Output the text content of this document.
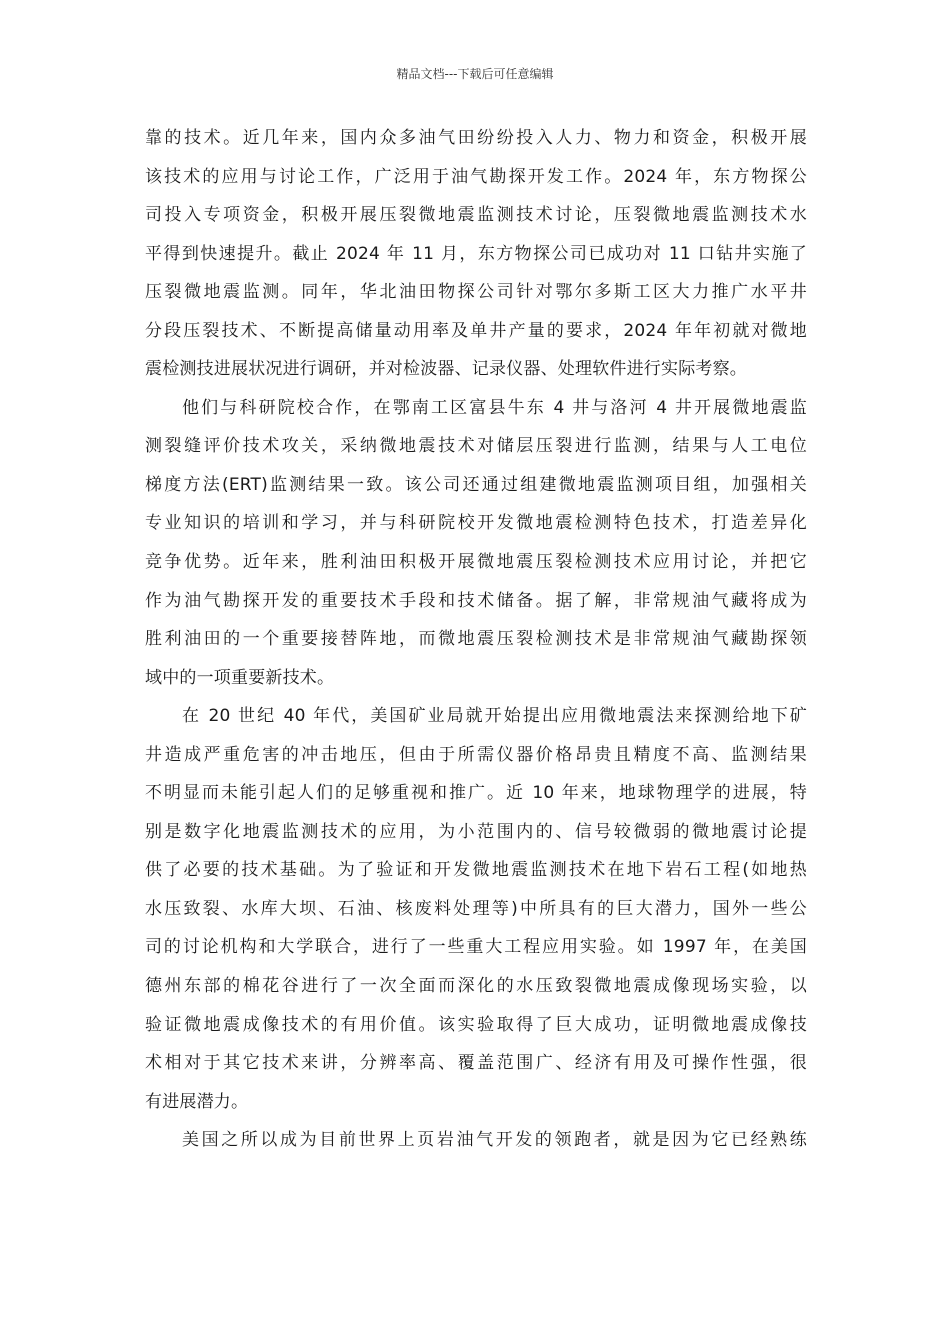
精品文档---下载后可任意编辑
靠的技术。近几年来，国内众多油气田纷纷投入人力、物力和资金，积极开展
该技术的应用与讨论工作，广泛用于油气勘探开发工作。2024 年，东方物探公
司投入专项资金，积极开展压裂微地震监测技术讨论，压裂微地震监测技术水
平得到快速提升。截止 2024 年 11 月，东方物探公司已成功对 11 口钻井实施了
压裂微地震监测。同年，华北油田物探公司针对鄂尔多斯工区大力推广水平井
分段压裂技术、不断提高储量动用率及单井产量的要求，2024 年年初就对微地
震检测技进展状况进行调研，并对检波器、记录仪器、处理软件进行实际考察。
他们与科研院校合作，在鄂南工区富县牛东 4 井与洛河 4 井开展微地震监
测裂缝评价技术攻关，采纳微地震技术对储层压裂进行监测，结果与人工电位
梯度方法(ERT)监测结果一致。该公司还通过组建微地震监测项目组，加强相关
专业知识的培训和学习，并与科研院校开发微地震检测特色技术，打造差异化
竞争优势。近年来，胜利油田积极开展微地震压裂检测技术应用讨论，并把它
作为油气勘探开发的重要技术手段和技术储备。据了解，非常规油气藏将成为
胜利油田的一个重要接替阵地，而微地震压裂检测技术是非常规油气藏勘探领
域中的一项重要新技术。
在 20 世纪 40 年代，美国矿业局就开始提出应用微地震法来探测给地下矿
井造成严重危害的冲击地压，但由于所需仪器价格昂贵且精度不高、监测结果
不明显而未能引起人们的足够重视和推广。近 10 年来，地球物理学的进展，特
别是数字化地震监测技术的应用，为小范围内的、信号较微弱的微地震讨论提
供了必要的技术基础。为了验证和开发微地震监测技术在地下岩石工程(如地热
水压致裂、水库大坝、石油、核废料处理等)中所具有的巨大潜力，国外一些公
司的讨论机构和大学联合，进行了一些重大工程应用实验。如 1997 年，在美国
德州东部的棉花谷进行了一次全面而深化的水压致裂微地震成像现场实验，以
验证微地震成像技术的有用价值。该实验取得了巨大成功，证明微地震成像技
术相对于其它技术来讲，分辨率高、覆盖范围广、经济有用及可操作性强，很
有进展潜力。
美国之所以成为目前世界上页岩油气开发的领跑者，就是因为它已经熟练
